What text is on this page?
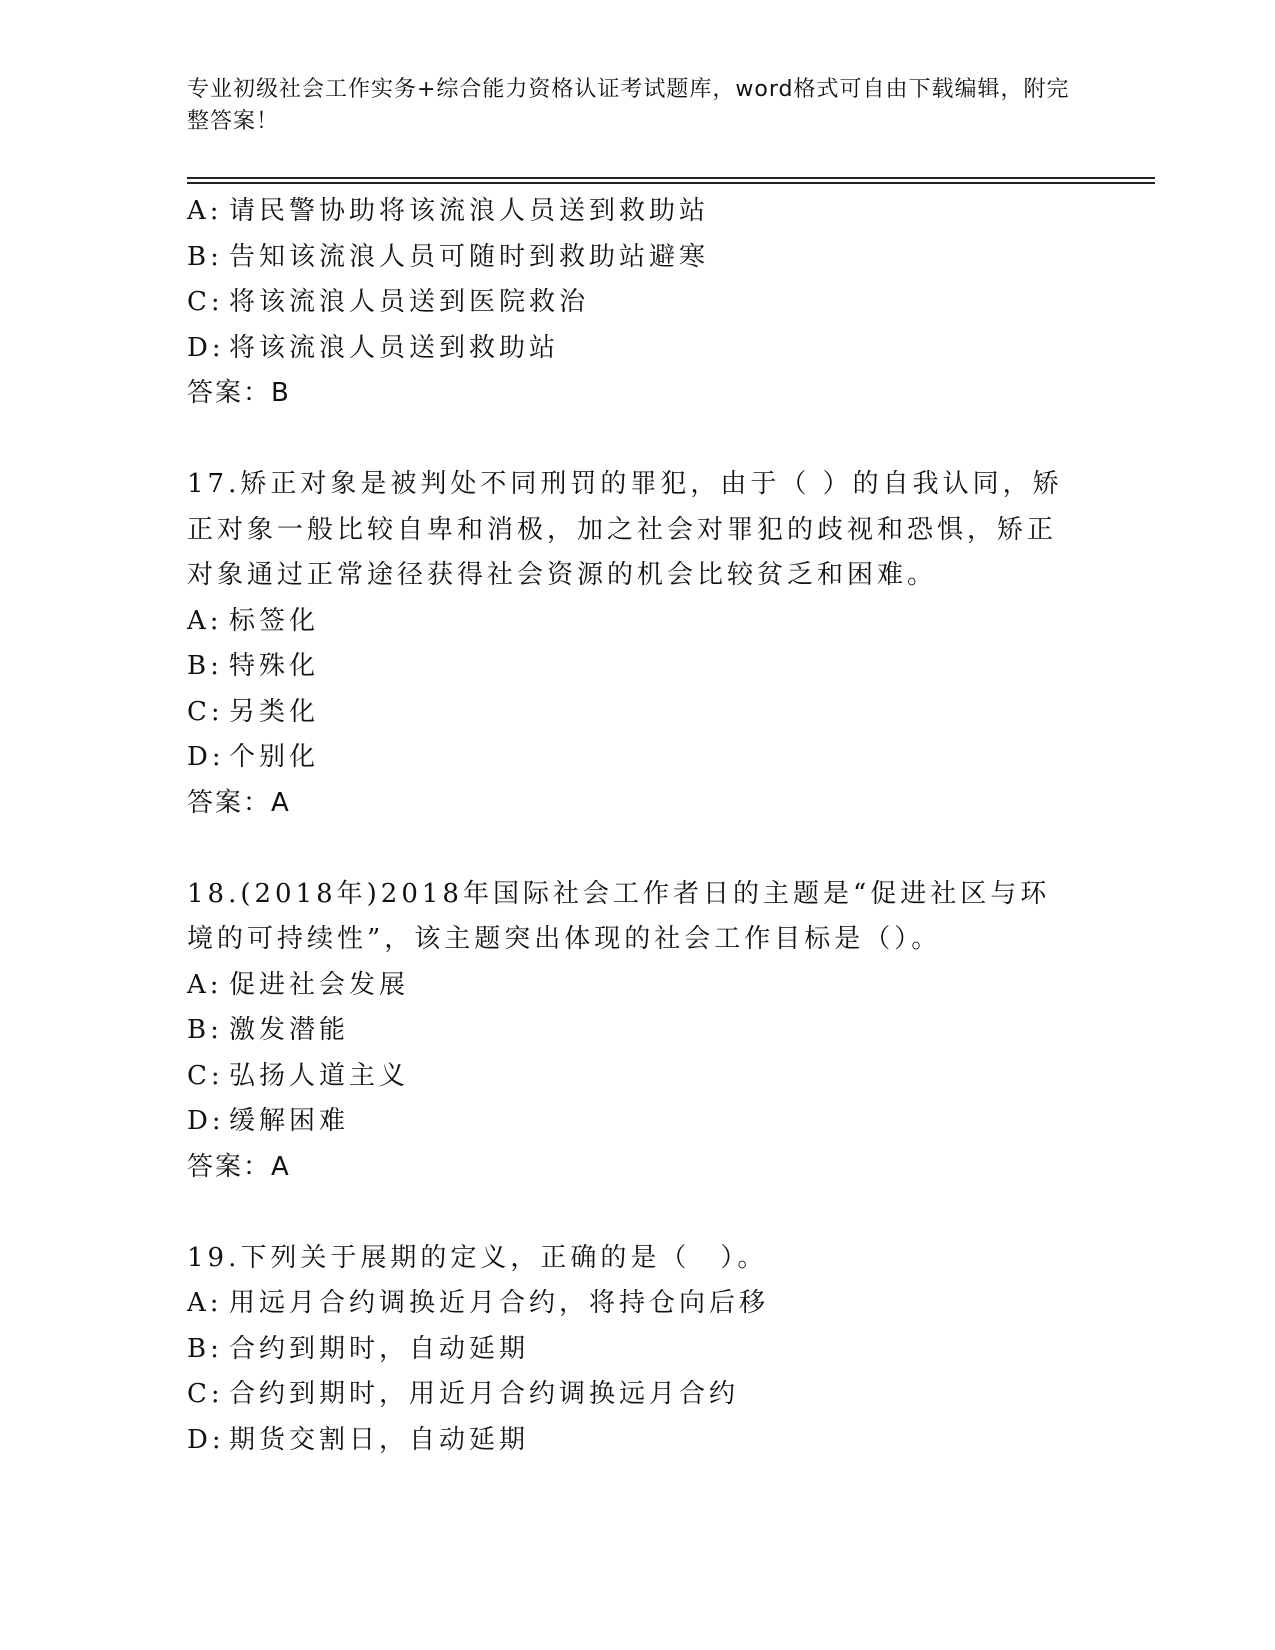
专业初级社会工作实务+综合能力资格认证考试题库，word格式可自由下载编辑，附完整答案！
A: 请民警协助将该流浪人员送到救助站
B: 告知该流浪人员可随时到救助站避寒
C: 将该流浪人员送到医院救治
D: 将该流浪人员送到救助站
答案：B
17.矫正对象是被判处不同刑罚的罪犯，由于（ ）的自我认同，矫正对象一般比较自卑和消极，加之社会对罪犯的歧视和恐惧，矫正对象通过正常途径获得社会资源的机会比较贫乏和困难。
A: 标签化
B: 特殊化
C: 另类化
D: 个别化
答案：A
18.(2018年)2018年国际社会工作者日的主题是“促进社区与环境的可持续性”，该主题突出体现的社会工作目标是（）。
A: 促进社会发展
B: 激发潜能
C: 弘扬人道主义
D: 缓解困难
答案：A
19.下列关于展期的定义，正确的是（　）。
A: 用远月合约调换近月合约，将持仓向后移
B: 合约到期时，自动延期
C: 合约到期时，用近月合约调换远月合约
D: 期货交割日，自动延期
